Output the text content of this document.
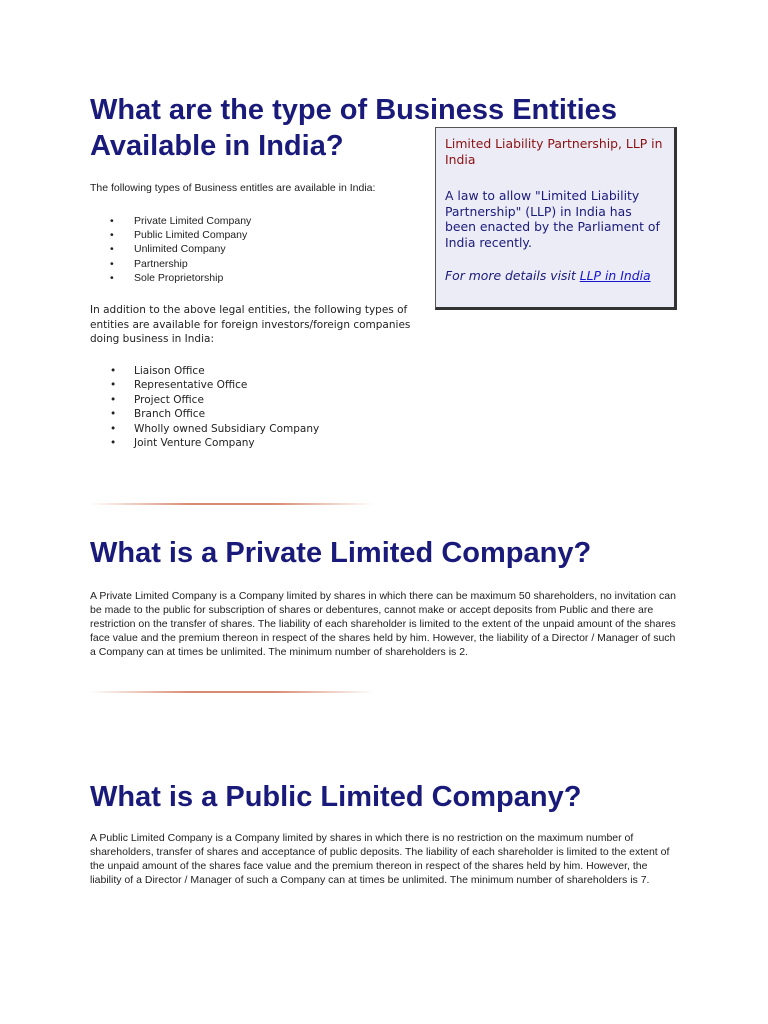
What are the type of Business Entities Available in India?

The following types of Business entitles are available in India:

• Private Limited Company
• Public Limited Company
• Unlimited Company
• Partnership
• Sole Proprietorship

In addition to the above legal entities, the following types of entities are available for foreign investors/foreign companies doing business in India:

• Liaison Office
• Representative Office
• Project Office
• Branch Office
• Wholly owned Subsidiary Company
• Joint Venture Company

Limited Liability Partnership, LLP in India

A law to allow "Limited Liability Partnership" (LLP) in India has been enacted by the Parliament of India recently.

For more details visit LLP in India

What is a Private Limited Company?

A Private Limited Company is a Company limited by shares in which there can be maximum 50 shareholders, no invitation can be made to the public for subscription of shares or debentures, cannot make or accept deposits from Public and there are restriction on the transfer of shares. The liability of each shareholder is limited to the extent of the unpaid amount of the shares face value and the premium thereon in respect of the shares held by him. However, the liability of a Director / Manager of such a Company can at times be unlimited. The minimum number of shareholders is 2.

What is a Public Limited Company?

A Public Limited Company is a Company limited by shares in which there is no restriction on the maximum number of shareholders, transfer of shares and acceptance of public deposits. The liability of each shareholder is limited to the extent of the unpaid amount of the shares face value and the premium thereon in respect of the shares held by him. However, the liability of a Director / Manager of such a Company can at times be unlimited. The minimum number of shareholders is 7.
